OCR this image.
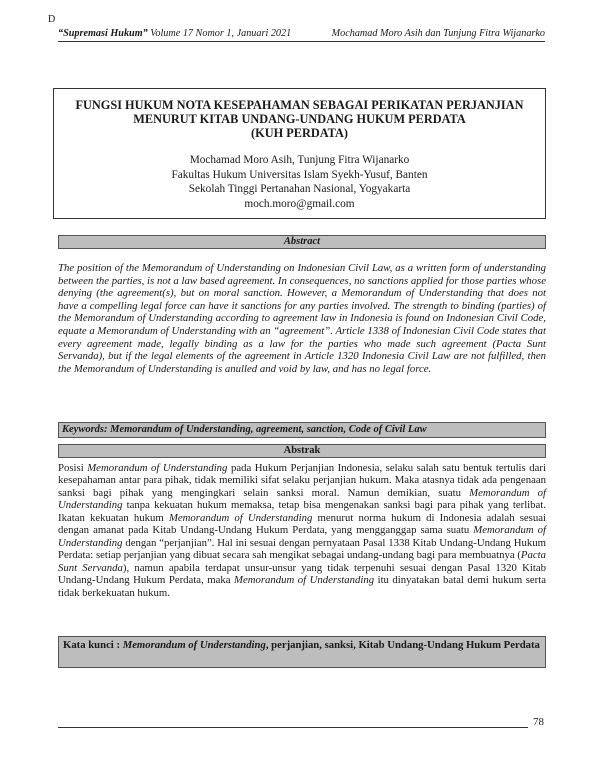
D
“Supremasi Hukum” Volume 17 Nomor 1, Januari 2021	Mochamad Moro Asih dan Tunjung Fitra Wijanarko
FUNGSI HUKUM NOTA KESEPAHAMAN SEBAGAI PERIKATAN PERJANJIAN
MENURUT KITAB UNDANG-UNDANG HUKUM PERDATA
(KUH PERDATA)
Mochamad Moro Asih, Tunjung Fitra Wijanarko
Fakultas Hukum Universitas Islam Syekh-Yusuf, Banten
Sekolah Tinggi Pertanahan Nasional, Yogyakarta
moch.moro@gmail.com
Abstract

The position of the Memorandum of Understanding on Indonesian Civil Law, as a written form of understanding between the parties, is not a law based agreement. In consequences, no sanctions applied for those parties whose denying (the agreement(s), but on moral sanction. However, a Memorandum of Understanding that does not have a compelling legal force can have it sanctions for any parties involved. The strength to binding (parties) of the Memorandum of Understanding according to agreement law in Indonesia is found on Indonesian Civil Code, equate a Memorandum of Understanding with an “agreement”. Article 1338 of Indonesian Civil Code states that every agreement made, legally binding as a law for the parties who made such agreement (Pacta Sunt Servanda), but if the legal elements of the agreement in Article 1320 Indonesia Civil Law are not fulfilled, then the Memorandum of Understanding is anulled and void by law, and has no legal force.

Keywords: Memorandum of Understanding, agreement, sanction, Code of Civil Law
Abstrak

Posisi Memorandum of Understanding pada Hukum Perjanjian Indonesia, selaku salah satu bentuk tertulis dari kesepahaman antar para pihak, tidak memiliki sifat selaku perjanjian hukum. Maka atasnya tidak ada pengenaan sanksi bagi pihak yang mengingkari selain sanksi moral. Namun demikian, suatu Memorandum of Understanding tanpa kekuatan hukum memaksa, tetap bisa mengenakan sanksi bagi para pihak yang terlibat. Ikatan kekuatan hukum Memorandum of Understanding menurut norma hukum di Indonesia adalah sesuai dengan amanat pada Kitab Undang-Undang Hukum Perdata, yang mengganggap sama suatu Memorandum of Understanding dengan “perjanjian”. Hal ini sesuai dengan pernyataan Pasal 1338 Kitab Undang-Undang Hukum Perdata: setiap perjanjian yang dibuat secara sah mengikat sebagai undang-undang bagi para membuatnya (Pacta Sunt Servanda), namun apabila terdapat unsur-unsur yang tidak terpenuhi sesuai dengan Pasal 1320 Kitab Undang-Undang Hukum Perdata, maka Memorandum of Understanding itu dinyatakan batal demi hukum serta tidak berkekuatan hukum.

Kata kunci : Memorandum of Understanding, perjanjian, sanksi, Kitab Undang-Undang Hukum Perdata
78
